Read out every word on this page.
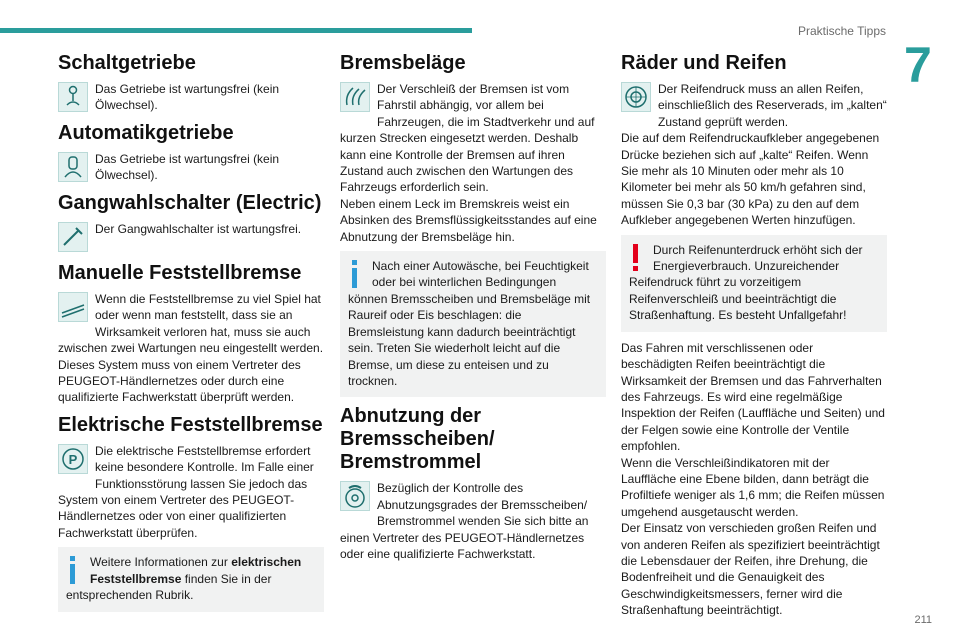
Praktische Tipps
7
211
Schaltgetriebe

Das Getriebe ist wartungsfrei (kein Ölwechsel).

Automatikgetriebe

Das Getriebe ist wartungsfrei (kein Ölwechsel).

Gangwahlschalter (Electric)

Der Gangwahlschalter ist wartungsfrei.

Manuelle Feststellbremse

Wenn die Feststellbremse zu viel Spiel hat oder wenn man feststellt, dass sie an Wirksamkeit verloren hat, muss sie auch zwischen zwei Wartungen neu eingestellt werden.

Dieses System muss von einem Vertreter des PEUGEOT-Händlernetzes oder durch eine qualifizierte Fachwerkstatt überprüft werden.

Elektrische Feststellbremse
P

Die elektrische Feststellbremse erfordert keine besondere Kontrolle. Im Falle einer Funktionsstörung lassen Sie jedoch das System von einem Vertreter des PEUGEOT-Händlernetzes oder von einer qualifizierten Fachwerkstatt überprüfen.

Weitere Informationen zur elektrischen Feststellbremse finden Sie in der entsprechenden Rubrik.
Bremsbeläge

Der Verschleiß der Bremsen ist vom Fahrstil abhängig, vor allem bei Fahrzeugen, die im Stadtverkehr und auf kurzen Strecken eingesetzt werden. Deshalb kann eine Kontrolle der Bremsen auf ihren Zustand auch zwischen den Wartungen des Fahrzeugs erforderlich sein.

Neben einem Leck im Bremskreis weist ein Absinken des Bremsflüssigkeitsstandes auf eine Abnutzung der Bremsbeläge hin.

Nach einer Autowäsche, bei Feuchtigkeit oder bei winterlichen Bedingungen können Bremsscheiben und Bremsbeläge mit Raureif oder Eis beschlagen: die Bremsleistung kann dadurch beeinträchtigt sein. Treten Sie wiederholt leicht auf die Bremse, um diese zu enteisen und zu trocknen.
Abnutzung der
Bremsscheiben/
Bremstrommel

Bezüglich der Kontrolle des Abnutzungsgrades der Bremsscheiben/ Bremstrommel wenden Sie sich bitte an einen Vertreter des PEUGEOT-Händlernetzes oder eine qualifizierte Fachwerkstatt.

Räder und Reifen

Der Reifendruck muss an allen Reifen, einschließlich des Reserverads, im „kalten“ Zustand geprüft werden.

Die auf dem Reifendruckaufkleber angegebenen Drücke beziehen sich auf „kalte“ Reifen. Wenn Sie mehr als 10 Minuten oder mehr als 10 Kilometer bei mehr als 50 km/h gefahren sind, müssen Sie 0,3 bar (30 kPa) zu den auf dem Aufkleber angegebenen Werten hinzufügen.

Durch Reifenunterdruck erhöht sich der Energieverbrauch. Unzureichender Reifendruck führt zu vorzeitigem Reifenverschleiß und beeinträchtigt die Straßenhaftung. Es besteht Unfallgefahr!

Das Fahren mit verschlissenen oder beschädigten Reifen beeinträchtigt die Wirksamkeit der Bremsen und das Fahrverhalten des Fahrzeugs. Es wird eine regelmäßige Inspektion der Reifen (Lauffläche und Seiten) und der Felgen sowie eine Kontrolle der Ventile empfohlen.

Wenn die Verschleißindikatoren mit der Lauffläche eine Ebene bilden, dann beträgt die Profiltiefe weniger als 1,6 mm; die Reifen müssen umgehend ausgetauscht werden.

Der Einsatz von verschieden großen Reifen und von anderen Reifen als spezifiziert beeinträchtigt die Lebensdauer der Reifen, ihre Drehung, die Bodenfreiheit und die Genauigkeit des Geschwindigkeitsmessers, ferner wird die Straßenhaftung beeinträchtigt.
